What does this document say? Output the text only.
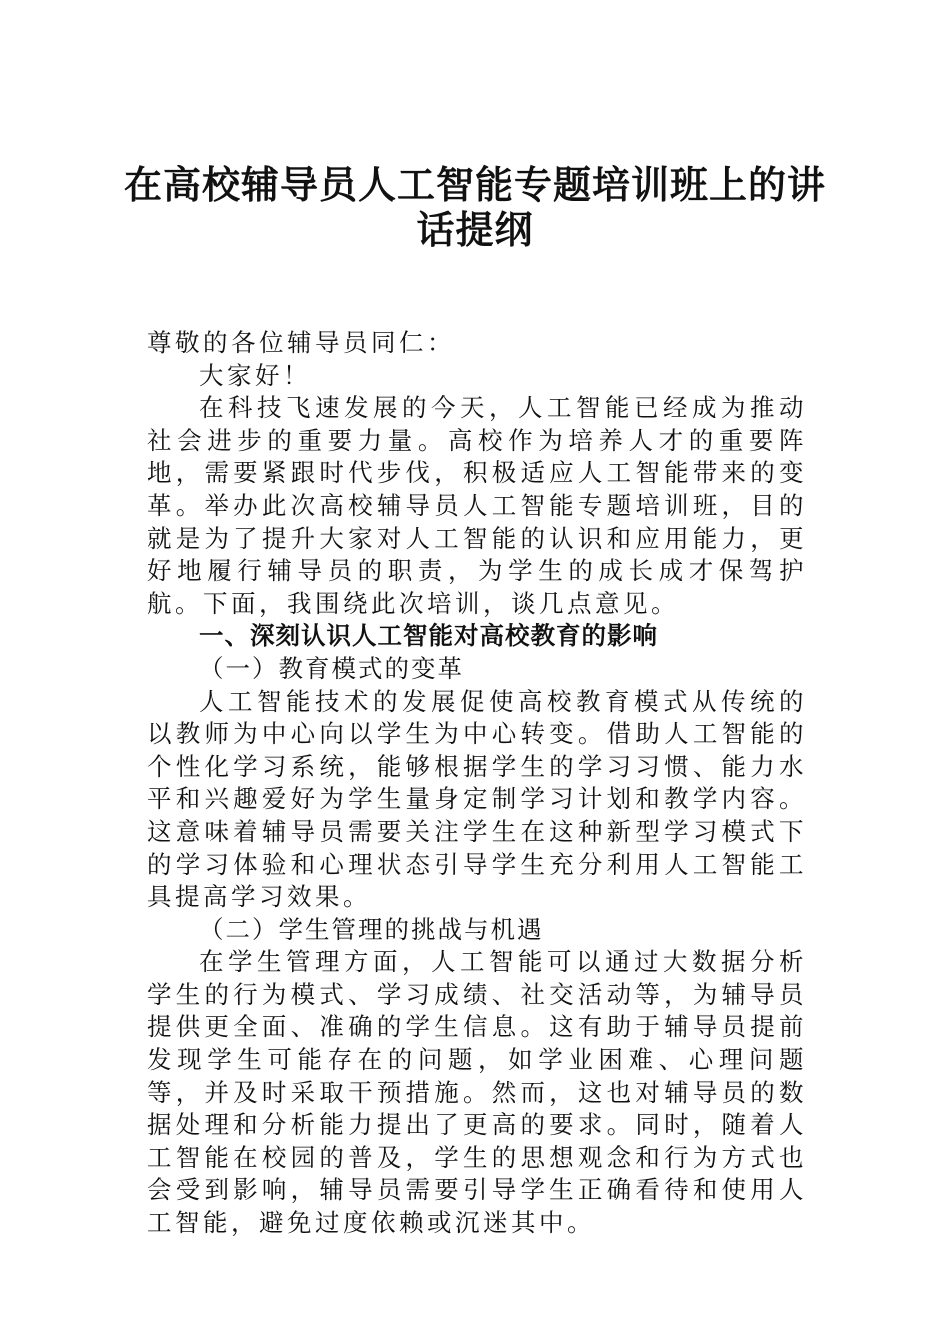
在高校辅导员人工智能专题培训班上的讲
话提纲

尊敬的各位辅导员同仁：

大家好！

在科技飞速发展的今天，人工智能已经成为推动社会进步的重要力量。高校作为培养人才的重要阵地，需要紧跟时代步伐，积极适应人工智能带来的变革。举办此次高校辅导员人工智能专题培训班，目的就是为了提升大家对人工智能的认识和应用能力，更好地履行辅导员的职责，为学生的成长成才保驾护航。下面，我围绕此次培训，谈几点意见。

一、深刻认识人工智能对高校教育的影响

（一）教育模式的变革

人工智能技术的发展促使高校教育模式从传统的以教师为中心向以学生为中心转变。借助人工智能的个性化学习系统，能够根据学生的学习习惯、能力水平和兴趣爱好为学生量身定制学习计划和教学内容。这意味着辅导员需要关注学生在这种新型学习模式下的学习体验和心理状态引导学生充分利用人工智能工具提高学习效果。

（二）学生管理的挑战与机遇

在学生管理方面，人工智能可以通过大数据分析学生的行为模式、学习成绩、社交活动等，为辅导员提供更全面、准确的学生信息。这有助于辅导员提前发现学生可能存在的问题，如学业困难、心理问题等，并及时采取干预措施。然而，这也对辅导员的数据处理和分析能力提出了更高的要求。同时，随着人工智能在校园的普及，学生的思想观念和行为方式也会受到影响，辅导员需要引导学生正确看待和使用人工智能，避免过度依赖或沉迷其中。
